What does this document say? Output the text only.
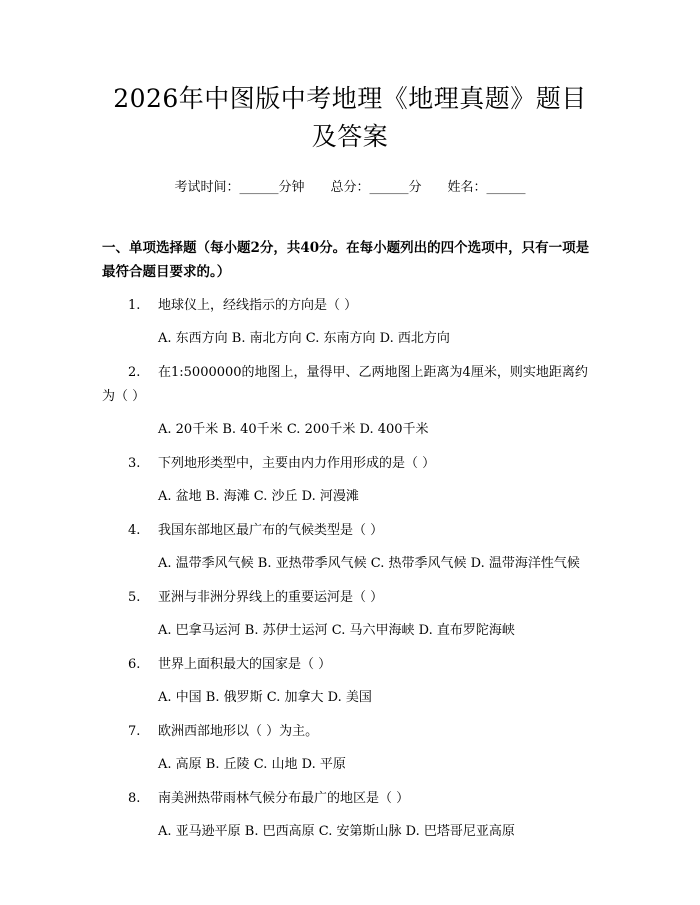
2026年中图版中考地理《地理真题》题目及答案
考试时间：______分钟 总分：______分 姓名：______
一、单项选择题（每小题2分，共40分。在每小题列出的四个选项中，只有一项是最符合题目要求的。）
1. 地球仪上，经线指示的方向是（ ）
A. 东西方向 B. 南北方向 C. 东南方向 D. 西北方向
2. 在1:5000000的地图上，量得甲、乙两地图上距离为4厘米，则实地距离约为（ ）
A. 20千米 B. 40千米 C. 200千米 D. 400千米
3. 下列地形类型中，主要由内力作用形成的是（ ）
A. 盆地 B. 海滩 C. 沙丘 D. 河漫滩
4. 我国东部地区最广布的气候类型是（ ）
A. 温带季风气候 B. 亚热带季风气候 C. 热带季风气候 D. 温带海洋性气候
5. 亚洲与非洲分界线上的重要运河是（ ）
A. 巴拿马运河 B. 苏伊士运河 C. 马六甲海峡 D. 直布罗陀海峡
6. 世界上面积最大的国家是（ ）
A. 中国 B. 俄罗斯 C. 加拿大 D. 美国
7. 欧洲西部地形以（ ）为主。
A. 高原 B. 丘陵 C. 山地 D. 平原
8. 南美洲热带雨林气候分布最广的地区是（ ）
A. 亚马逊平原 B. 巴西高原 C. 安第斯山脉 D. 巴塔哥尼亚高原
